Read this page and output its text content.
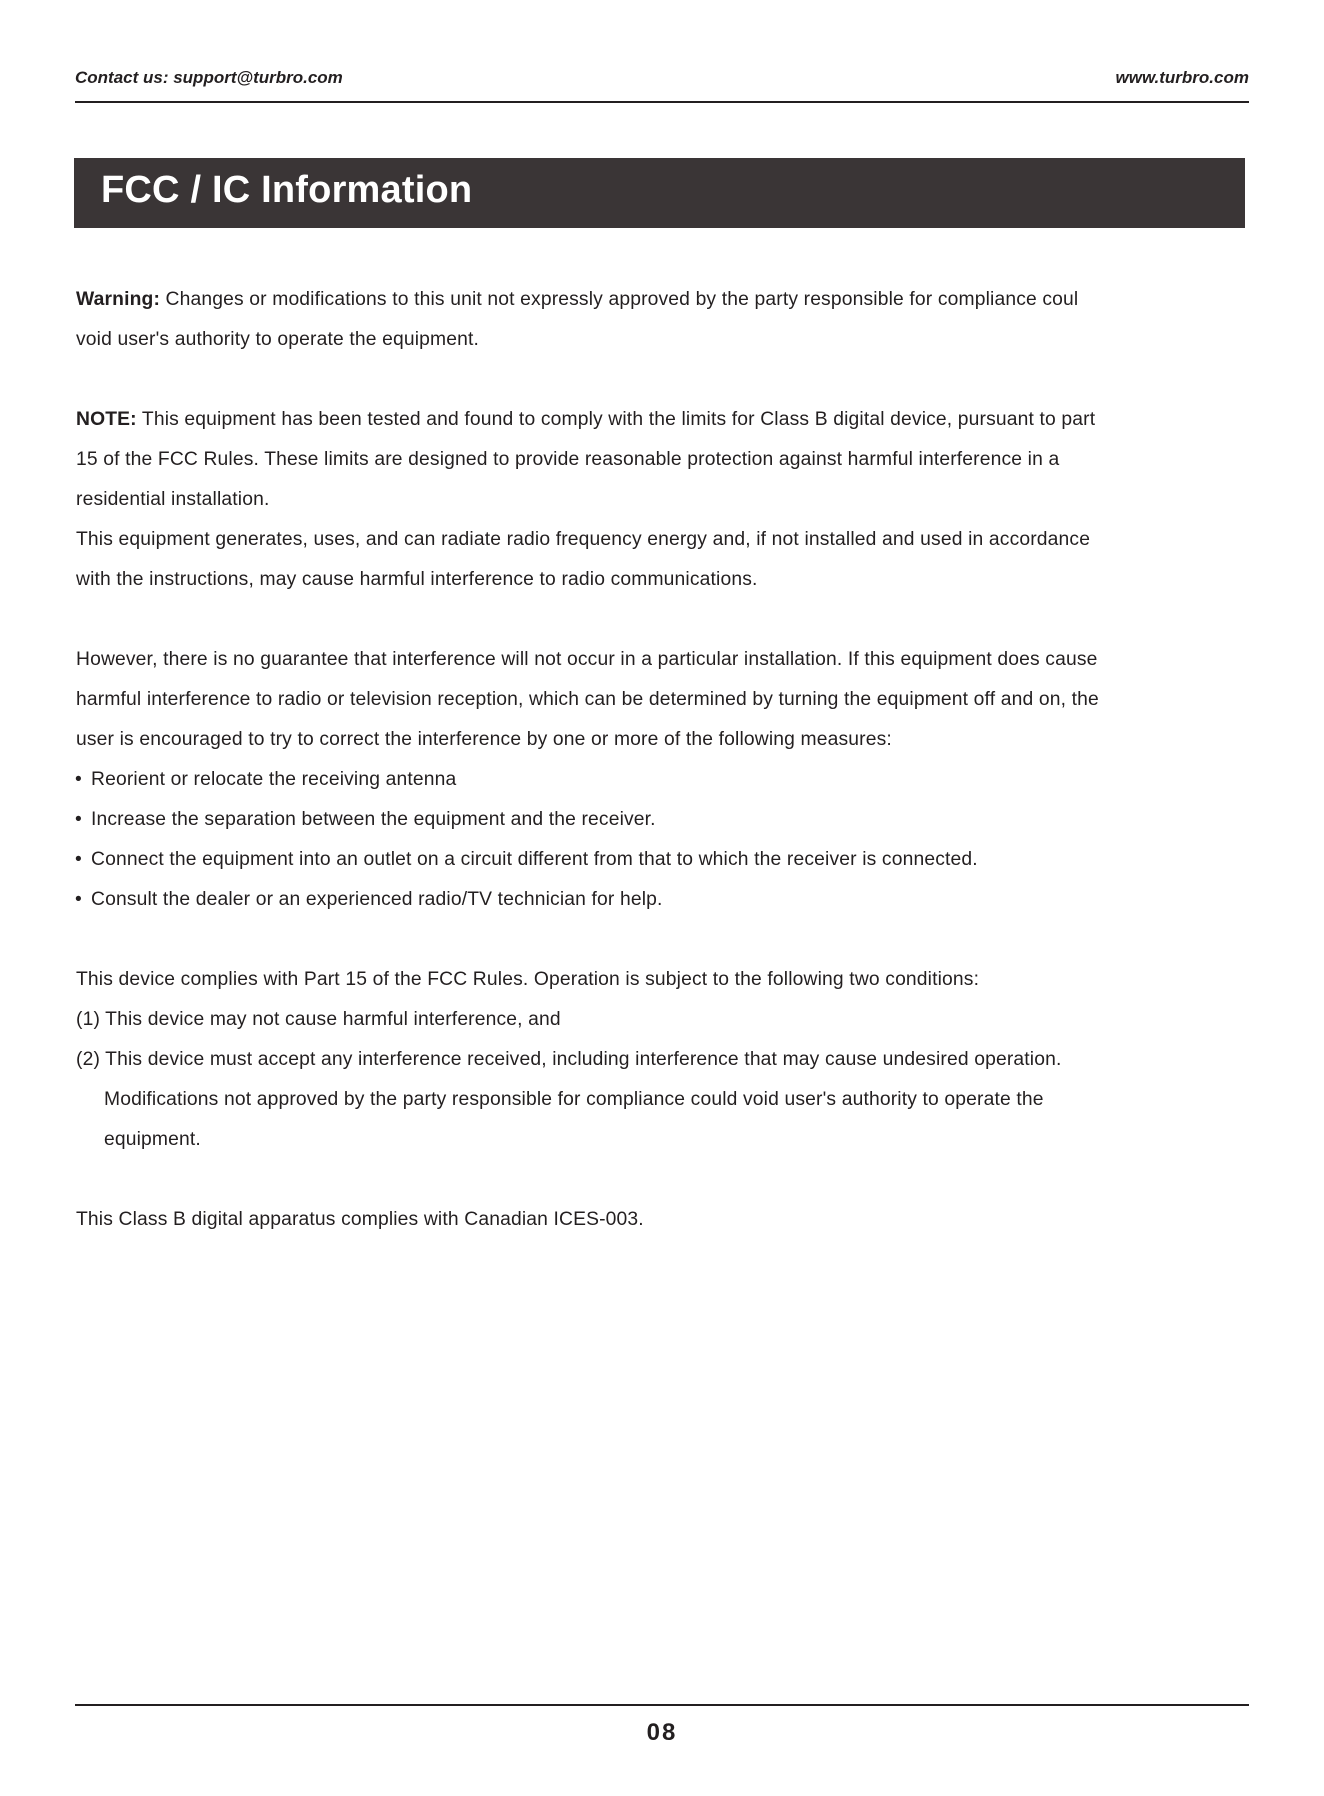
Contact us: support@turbro.com	www.turbro.com
FCC / IC Information

Warning: Changes or modifications to this unit not expressly approved by the party responsible for compliance coul

void user's authority to operate the equipment.

NOTE: This equipment has been tested and found to comply with the limits for Class B digital device, pursuant to part

15 of the FCC Rules. These limits are designed to provide reasonable protection against harmful interference in a

residential installation.

This equipment generates, uses, and can radiate radio frequency energy and, if not installed and used in accordance

with the instructions, may cause harmful interference to radio communications.

However, there is no guarantee that interference will not occur in a particular installation. If this equipment does cause

harmful interference to radio or television reception, which can be determined by turning the equipment off and on, the

user is encouraged to try to correct the interference by one or more of the following measures:

• Reorient or relocate the receiving antenna

• Increase the separation between the equipment and the receiver.

• Connect the equipment into an outlet on a circuit different from that to which the receiver is connected.

• Consult the dealer or an experienced radio/TV technician for help.

This device complies with Part 15 of the FCC Rules. Operation is subject to the following two conditions:

(1) This device may not cause harmful interference, and

(2) This device must accept any interference received, including interference that may cause undesired operation.

Modifications not approved by the party responsible for compliance could void user's authority to operate the

equipment.

This Class B digital apparatus complies with Canadian ICES-003.

08
